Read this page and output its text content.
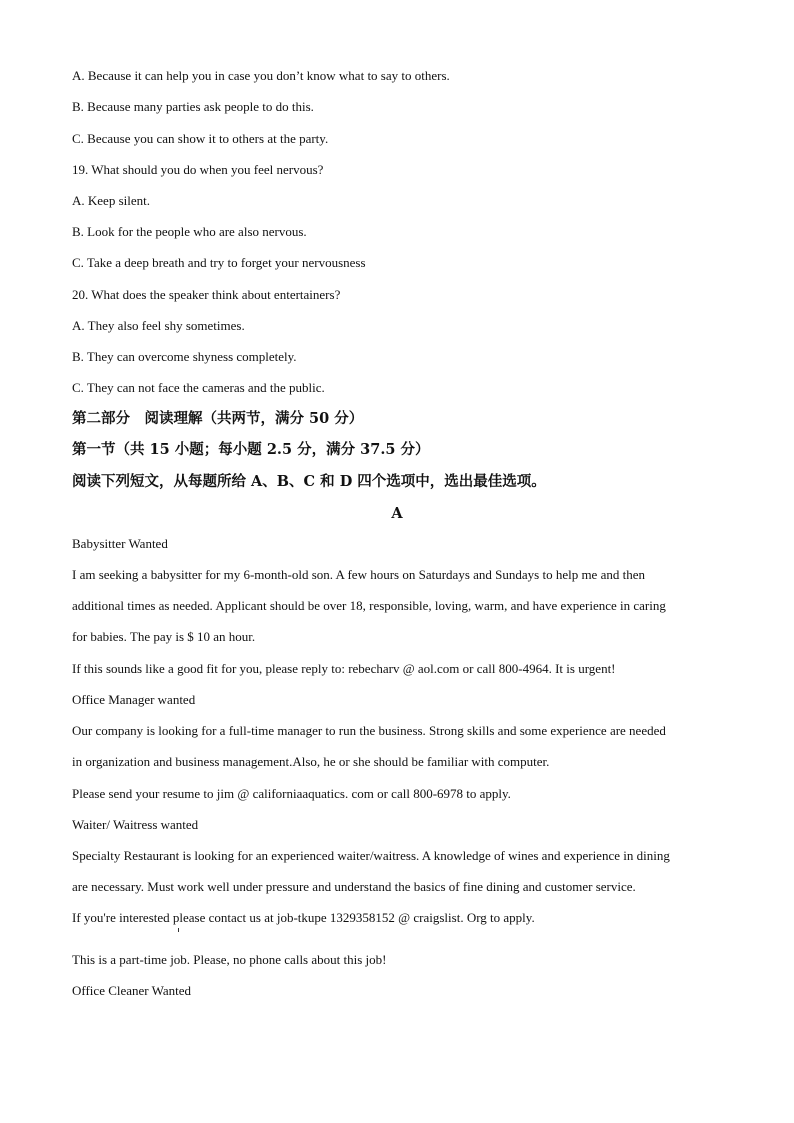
A. Because it can help you in case you don’t know what to say to others.
B. Because many parties ask people to do this.
C. Because you can show it to others at the party.
19. What should you do when you feel nervous?
A. Keep silent.
B. Look for the people who are also nervous.
C. Take a deep breath and try to forget your nervousness
20. What does the speaker think about entertainers?
A. They also feel shy sometimes.
B. They can overcome shyness completely.
C. They can not face the cameras and the public.
第二部分　阅读理解（共两节，满分 50 分）
第一节（共 15 小题；每小题 2.5 分，满分 37.5 分）
阅读下列短文，从每题所给 A、B、C 和 D 四个选项中，选出最佳选项。
A
Babysitter Wanted
I am seeking a babysitter for my 6-month-old son. A few hours on Saturdays and Sundays to help me and then
additional times as needed. Applicant should be over 18, responsible, loving, warm, and have experience in caring
for babies. The pay is $ 10 an hour.
If this sounds like a good fit for you, please reply to: rebecharv @ aol.com or call 800-4964. It is urgent!
Office Manager wanted
Our company is looking for a full-time manager to run the business. Strong skills and some experience are needed
in organization and business management.Also, he or she should be familiar with computer.
Please send your resume to jim @ californiaaquatics. com or call 800-6978 to apply.
Waiter/ Waitress wanted
Specialty Restaurant is looking for an experienced waiter/waitress. A knowledge of wines and experience in dining
are necessary. Must work well under pressure and understand the basics of fine dining and customer service.
If you're interested please contact us at job-tkupe 1329358152 @ craigslist. Org to apply.
This is a part-time job. Please, no phone calls about this job!
Office Cleaner Wanted
